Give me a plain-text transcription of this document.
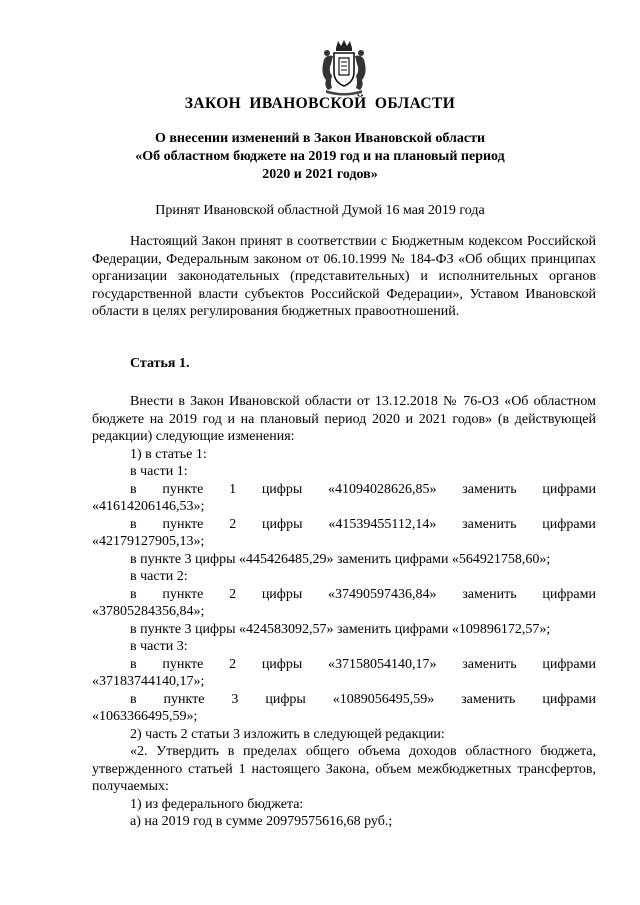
ЗАКОН ИВАНОВСКОЙ ОБЛАСТИ
О внесении изменений в Закон Ивановской области
«Об областном бюджете на 2019 год и на плановый период
2020 и 2021 годов»
Принят Ивановской областной Думой 16 мая 2019 года
Настоящий Закон принят в соответствии с Бюджетным кодексом Российской Федерации, Федеральным законом от 06.10.1999 № 184-ФЗ «Об общих принципах организации законодательных (представительных) и исполнительных органов государственной власти субъектов Российской Федерации», Уставом Ивановской области в целях регулирования бюджетных правоотношений.
Статья 1.
Внести в Закон Ивановской области от 13.12.2018 № 76-ОЗ «Об областном бюджете на 2019 год и на плановый период 2020 и 2021 годов» (в действующей редакции) следующие изменения:
1) в статье 1:
в части 1:
в пункте 1 цифры «41094028626,85» заменить цифрами
«41614206146,53»;
в пункте 2 цифры «41539455112,14» заменить цифрами
«42179127905,13»;
в пункте 3 цифры «445426485,29» заменить цифрами «564921758,60»;
в части 2:
в пункте 2 цифры «37490597436,84» заменить цифрами
«37805284356,84»;
в пункте 3 цифры «424583092,57» заменить цифрами «109896172,57»;
в части 3:
в пункте 2 цифры «37158054140,17» заменить цифрами
«37183744140,17»;
в пункте 3 цифры «1089056495,59» заменить цифрами
«1063366495,59»;
2) часть 2 статьи 3 изложить в следующей редакции:
«2. Утвердить в пределах общего объема доходов областного бюджета, утвержденного статьей 1 настоящего Закона, объем межбюджетных трансфертов, получаемых:
1) из федерального бюджета:
а) на 2019 год в сумме 20979575616,68 руб.;
